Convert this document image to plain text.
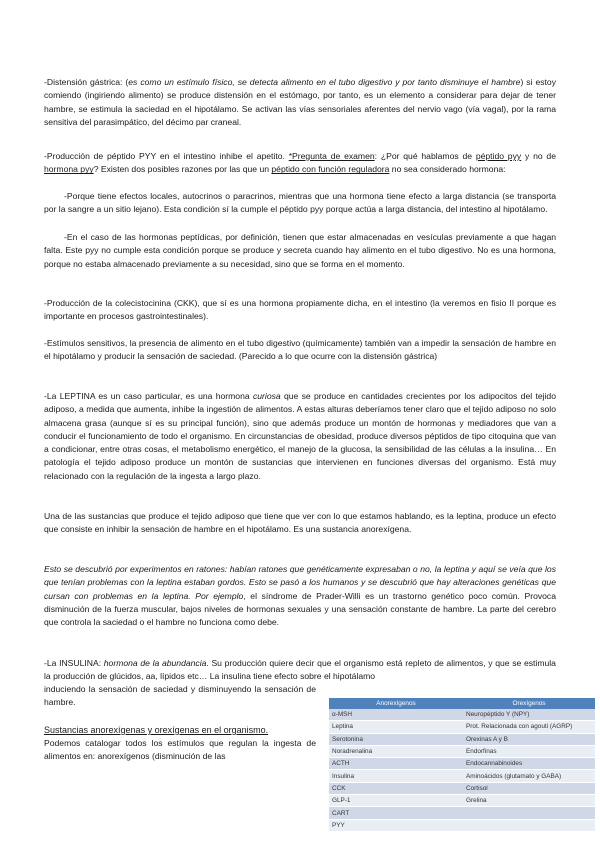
-Distensión gástrica: (es como un estímulo físico, se detecta alimento en el tubo digestivo y por tanto disminuye el hambre) si estoy comiendo (ingiriendo alimento) se produce distensión en el estómago, por tanto, es un elemento a considerar para dejar de tener hambre, se estimula la saciedad en el hipotálamo. Se activan las vías sensoriales aferentes del nervio vago (vía vagal), por la rama sensitiva del parasimpático, del décimo par craneal.

-Producción de péptido PYY en el intestino inhibe el apetito. *Pregunta de examen: ¿Por qué hablamos de péptido pyy y no de hormona pyy? Existen dos posibles razones por las que un péptido con función reguladora no sea considerado hormona:

-Porque tiene efectos locales, autocrinos o paracrinos, mientras que una hormona tiene efecto a larga distancia (se transporta por la sangre a un sitio lejano). Esta condición sí la cumple el péptido pyy porque actúa a larga distancia, del intestino al hipotálamo.

-En el caso de las hormonas peptídicas, por definición, tienen que estar almacenadas en vesículas previamente a que hagan falta. Este pyy no cumple esta condición porque se produce y secreta cuando hay alimento en el tubo digestivo. No es una hormona, porque no estaba almacenado previamente a su necesidad, sino que se forma en el momento.

-Producción de la colecistocinina (CKK), que sí es una hormona propiamente dicha, en el intestino (la veremos en fisio II porque es importante en procesos gastrointestinales).

-Estímulos sensitivos, la presencia de alimento en el tubo digestivo (químicamente) también van a impedir la sensación de hambre en el hipotálamo y producir la sensación de saciedad. (Parecido a lo que ocurre con la distensión gástrica)

-La LEPTINA es un caso particular, es una hormona curiosa que se produce en cantidades crecientes por los adipocitos del tejido adiposo, a medida que aumenta, inhibe la ingestión de alimentos. A estas alturas deberíamos tener claro que el tejido adiposo no solo almacena grasa (aunque sí es su principal función), sino que además produce un montón de hormonas y mediadores que van a conducir el funcionamiento de todo el organismo. En circunstancias de obesidad, produce diversos péptidos de tipo citoquina que van a condicionar, entre otras cosas, el metabolismo energético, el manejo de la glucosa, la sensibilidad de las células a la insulina… En patología el tejido adiposo produce un montón de sustancias que intervienen en funciones diversas del organismo. Está muy relacionado con la regulación de la ingesta a largo plazo.

Una de las sustancias que produce el tejido adiposo que tiene que ver con lo que estamos hablando, es la leptina, produce un efecto que consiste en inhibir la sensación de hambre en el hipotálamo. Es una sustancia anorexígena.

Esto se descubrió por experimentos en ratones: habían ratones que genéticamente expresaban o no, la leptina y aquí se veía que los que tenían problemas con la leptina estaban gordos. Esto se pasó a los humanos y se descubrió que hay alteraciones genéticas que cursan con problemas en la leptina. Por ejemplo, el síndrome de Prader-Willi es un trastorno genético poco común. Provoca disminución de la fuerza muscular, bajos niveles de hormonas sexuales y una sensación constante de hambre. La parte del cerebro que controla la saciedad o el hambre no funciona como debe.

-La INSULINA: hormona de la abundancia. Su producción quiere decir que el organismo está repleto de alimentos, y que se estimula la producción de glúcidos, aa, lípidos etc… La insulina tiene efecto sobre el hipotálamo

induciendo la sensación de saciedad y disminuyendo la sensación de hambre.

Sustancias anorexígenas y orexígenas en el organismo.

Podemos catalogar todos los estímulos que regulan la ingesta de alimentos en: anorexígenos (disminución de las

Anorexígenos	Orexígenos
α-MSH	Neuropéptido Y (NPY)
Leptina	Prot. Relacionada con agouti (AGRP)
Serotonina	Orexinas A y B
Noradrenalina	Endorfinas
ACTH	Endocannabinoides
Insulina	Aminoácidos (glutamato y GABA)
CCK	Cortisol
GLP-1	Grelina
CART	
PYY	
